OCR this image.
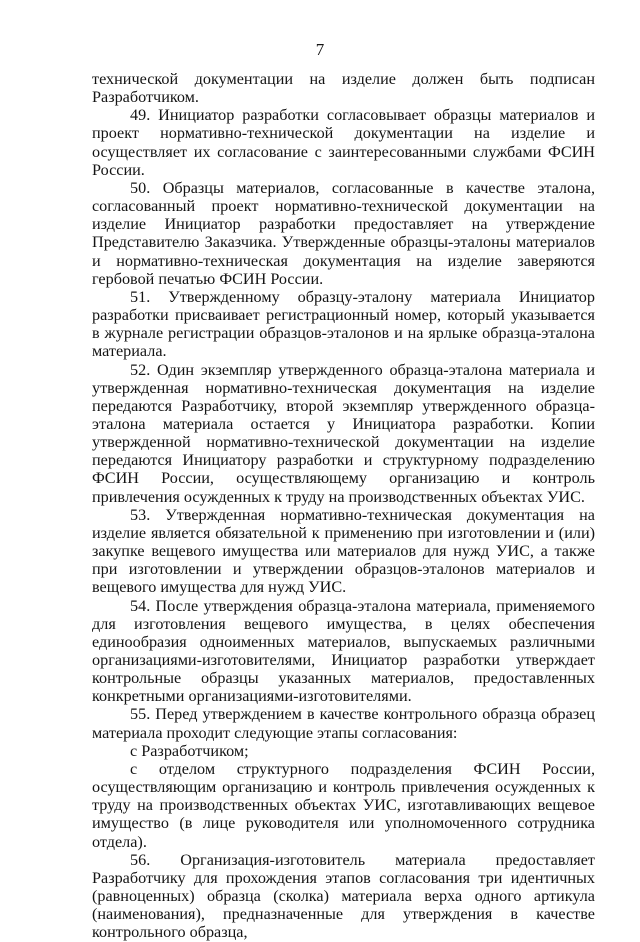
7

технической документации на изделие должен быть подписан Разработчиком.

49. Инициатор разработки согласовывает образцы материалов и проект нормативно-технической документации на изделие и осуществляет их согласование с заинтересованными службами ФСИН России.

50. Образцы материалов, согласованные в качестве эталона, согласованный проект нормативно-технической документации на изделие Инициатор разработки предоставляет на утверждение Представителю Заказчика. Утвержденные образцы-эталоны материалов и нормативно-техническая документация на изделие заверяются гербовой печатью ФСИН России.

51. Утвержденному образцу-эталону материала Инициатор разработки присваивает регистрационный номер, который указывается в журнале регистрации образцов-эталонов и на ярлыке образца-эталона материала.

52. Один экземпляр утвержденного образца-эталона материала и утвержденная нормативно-техническая документация на изделие передаются Разработчику, второй экземпляр утвержденного образца-эталона материала остается у Инициатора разработки. Копии утвержденной нормативно-технической документации на изделие передаются Инициатору разработки и структурному подразделению ФСИН России, осуществляющему организацию и контроль привлечения осужденных к труду на производственных объектах УИС.

53. Утвержденная нормативно-техническая документация на изделие является обязательной к применению при изготовлении и (или) закупке вещевого имущества или материалов для нужд УИС, а также при изготовлении и утверждении образцов-эталонов материалов и вещевого имущества для нужд УИС.

54. После утверждения образца-эталона материала, применяемого для изготовления вещевого имущества, в целях обеспечения единообразия одноименных материалов, выпускаемых различными организациями-изготовителями, Инициатор разработки утверждает контрольные образцы указанных материалов, предоставленных конкретными организациями-изготовителями.

55. Перед утверждением в качестве контрольного образца образец материала проходит следующие этапы согласования:

с Разработчиком;

с отделом структурного подразделения ФСИН России, осуществляющим организацию и контроль привлечения осужденных к труду на производственных объектах УИС, изготавливающих вещевое имущество (в лице руководителя или уполномоченного сотрудника отдела).

56. Организация-изготовитель материала предоставляет Разработчику для прохождения этапов согласования три идентичных (равноценных) образца (сколка) материала верха одного артикула (наименования), предназначенные для утверждения в качестве контрольного образца,
